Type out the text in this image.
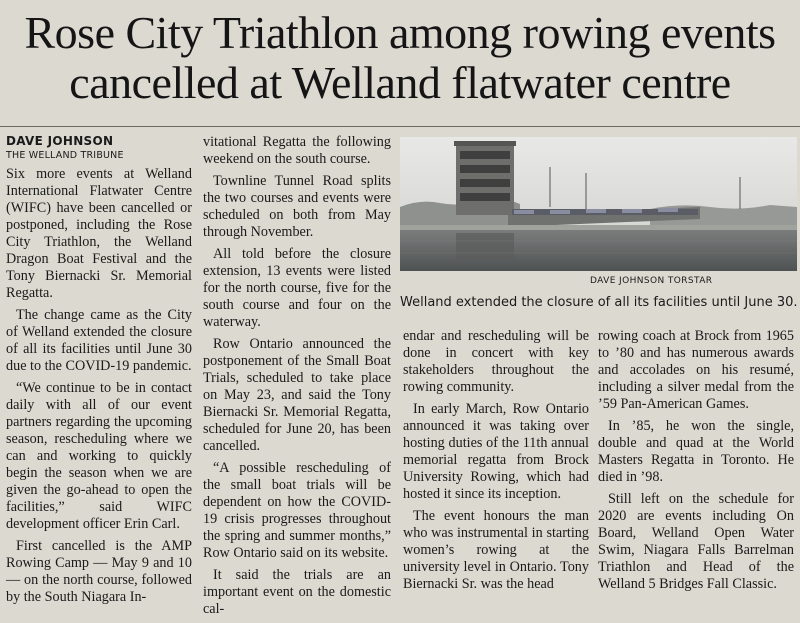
Rose City Triathlon among rowing events
cancelled at Welland flatwater centre
DAVE JOHNSON
THE WELLAND TRIBUNE

Six more events at Welland International Flatwater Centre (WIFC) have been cancelled or postponed, including the Rose City Triathlon, the Welland Dragon Boat Festival and the Tony Biernacki Sr. Memorial Regatta.

The change came as the City of Welland extended the closure of all its facilities until June 30 due to the COVID-19 pandemic.

“We continue to be in contact daily with all of our event partners regarding the upcoming season, rescheduling where we can and working to quickly begin the season when we are given the go-ahead to open the facilities,” said WIFC development officer Erin Carl.

First cancelled is the AMP Rowing Camp — May 9 and 10 — on the north course, followed by the South Niagara In-

vitational Regatta the following weekend on the south course.

Townline Tunnel Road splits the two courses and events were scheduled on both from May through November.

All told before the closure extension, 13 events were listed for the north course, five for the south course and four on the waterway.

Row Ontario announced the postponement of the Small Boat Trials, scheduled to take place on May 23, and said the Tony Biernacki Sr. Memorial Regatta, scheduled for June 20, has been cancelled.

“A possible rescheduling of the small boat trials will be dependent on how the COVID-19 crisis progresses throughout the spring and summer months,” Row Ontario said on its website.

It said the trials are an important event on the domestic cal-

DAVE JOHNSON TORSTAR
Welland extended the closure of all its facilities until June 30.

endar and rescheduling will be done in concert with key stakeholders throughout the rowing community.

In early March, Row Ontario announced it was taking over hosting duties of the 11th annual memorial regatta from Brock University Rowing, which had hosted it since its inception.

The event honours the man who was instrumental in starting women’s rowing at the university level in Ontario. Tony Biernacki Sr. was the head

rowing coach at Brock from 1965 to ’80 and has numerous awards and accolades on his resumé, including a silver medal from the ’59 Pan-American Games.

In ’85, he won the single, double and quad at the World Masters Regatta in Toronto. He died in ’98.

Still left on the schedule for 2020 are events including On Board, Welland Open Water Swim, Niagara Falls Barrelman Triathlon and Head of the Welland 5 Bridges Fall Classic.
